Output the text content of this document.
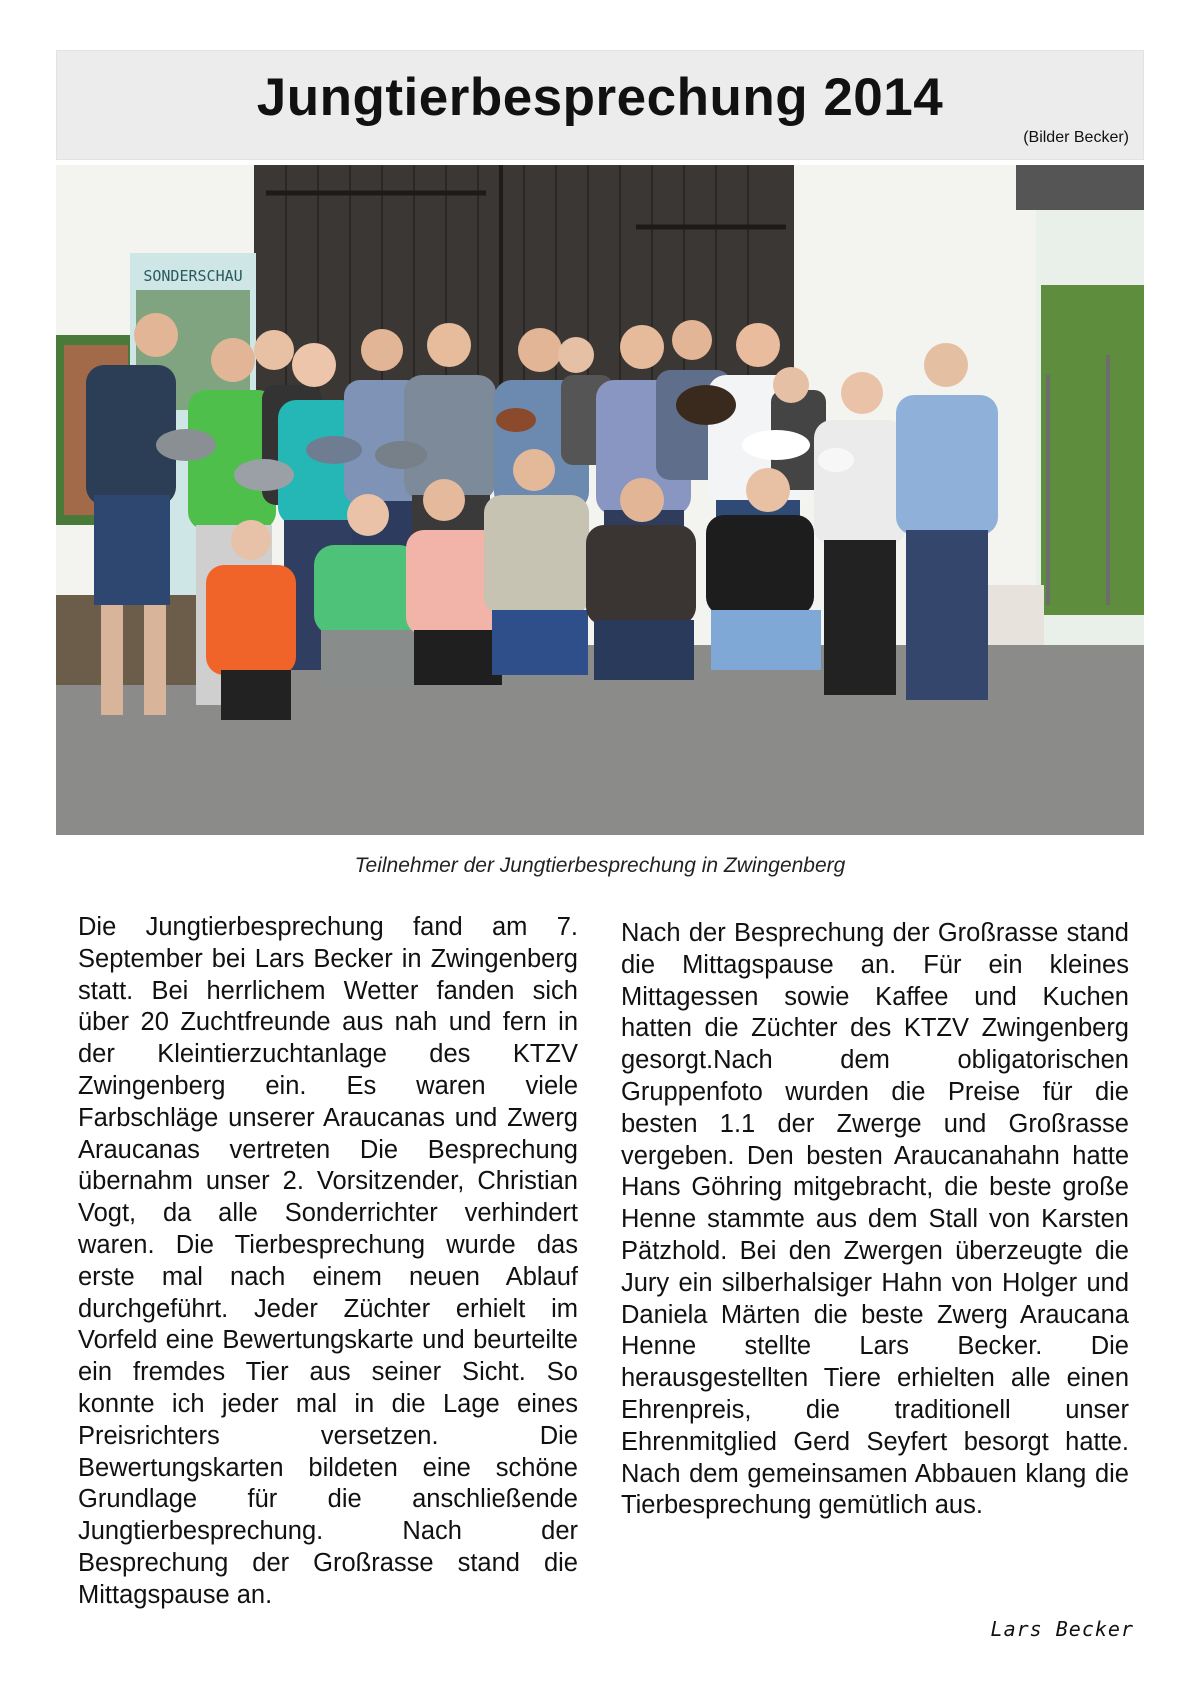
Jungtierbesprechung 2014
(Bilder Becker)
SONDERSCHAU
Teilnehmer der Jungtierbesprechung in Zwingenberg
Die Jungtierbesprechung fand am 7. September bei Lars Becker in Zwingenberg statt. Bei herrlichem Wetter fanden sich über 20 Zuchtfreunde aus nah und fern in der Kleintierzuchtanlage des KTZV Zwingenberg ein. Es waren viele Farbschläge unserer Araucanas und Zwerg Araucanas vertreten Die Besprechung übernahm unser 2. Vorsitzender, Christian Vogt, da alle Sonderrichter verhindert waren. Die Tierbesprechung wurde das erste mal nach einem neuen Ablauf durchgeführt. Jeder Züchter erhielt im Vorfeld eine Bewertungskarte und beurteilte ein fremdes Tier aus seiner Sicht. So konnte ich jeder mal in die Lage eines Preisrichters versetzen. Die Bewertungskarten bildeten eine schöne Grundlage für die anschließende Jungtierbesprechung. Nach der Besprechung der Großrasse stand die Mittagspause an.
Nach der Besprechung der Großrasse stand die Mittagspause an. Für ein kleines Mittagessen sowie Kaffee und Kuchen hatten die Züchter des KTZV Zwingenberg gesorgt.Nach dem obligatorischen Gruppenfoto wurden die Preise für die besten 1.1 der Zwerge und Großrasse vergeben. Den besten Araucanahahn hatte Hans Göhring mitgebracht, die beste große Henne stammte aus dem Stall von Karsten Pätzhold. Bei den Zwergen überzeugte die Jury ein silberhalsiger Hahn von Holger und Daniela Märten die beste Zwerg Araucana Henne stellte Lars Becker. Die herausgestellten Tiere erhielten alle einen Ehrenpreis, die traditionell unser Ehrenmitglied Gerd Seyfert besorgt hatte. Nach dem gemeinsamen Abbauen klang die Tierbesprechung gemütlich aus.
Lars Becker
